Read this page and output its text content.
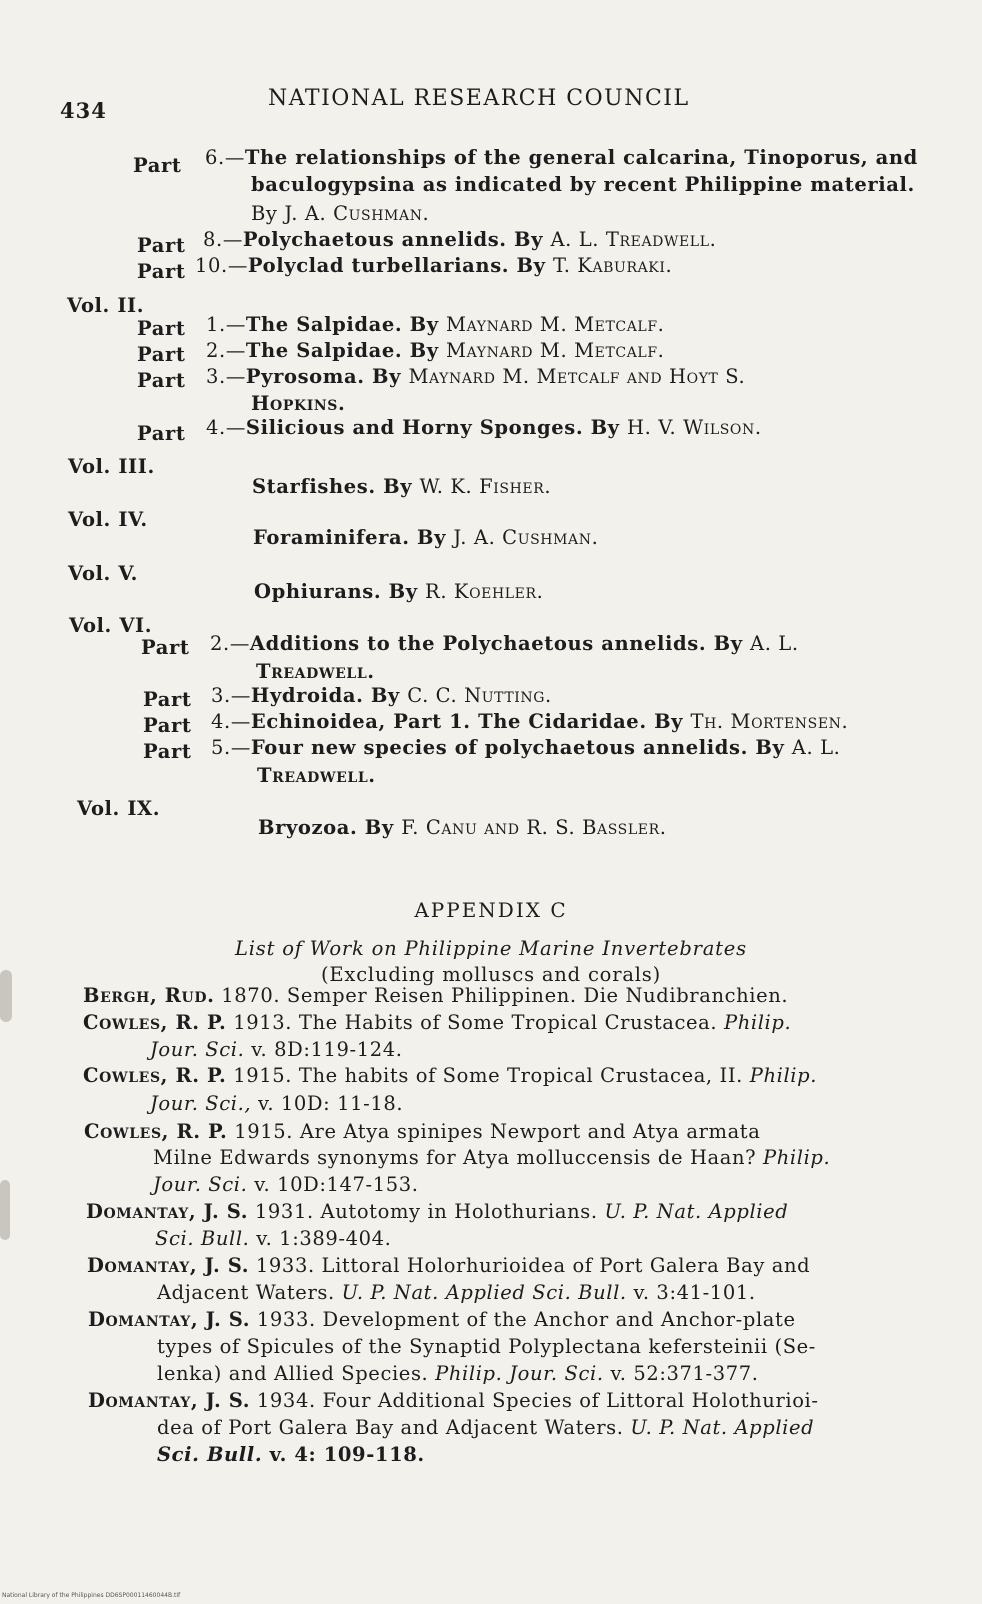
434	NATIONAL RESEARCH COUNCIL
Part 6.—The relationships of the general calcarina, Tinoporus, and
baculogypsina as indicated by recent Philippine material.
By J. A. Cushman.
Part 8.—Polychaetous annelids. By A. L. Treadwell.
Part 10.—Polyclad turbellarians. By T. Kaburaki.
Vol. II.
Part 1.—The Salpidae. By Maynard M. Metcalf.
Part 2.—The Salpidae. By Maynard M. Metcalf.
Part 3.—Pyrosoma. By Maynard M. Metcalf and Hoyt S.
Hopkins.
Part 4.—Silicious and Horny Sponges. By H. V. Wilson.
Vol. III.
Starfishes. By W. K. Fisher.
Vol. IV.
Foraminifera. By J. A. Cushman.
Vol. V.
Ophiurans. By R. Koehler.
Vol. VI.
Part 2.—Additions to the Polychaetous annelids. By A. L.
Treadwell.
Part 3.—Hydroida. By C. C. Nutting.
Part 4.—Echinoidea, Part 1. The Cidaridae. By Th. Mortensen.
Part 5.—Four new species of polychaetous annelids. By A. L.
Treadwell.
Vol. IX.
Bryozoa. By F. Canu and R. S. Bassler.
APPENDIX C
List of Work on Philippine Marine Invertebrates
(Excluding molluscs and corals)
Bergh, Rud. 1870. Semper Reisen Philippinen. Die Nudibranchien.
Cowles, R. P. 1913. The Habits of Some Tropical Crustacea. Philip.
Jour. Sci. v. 8D:119-124.
Cowles, R. P. 1915. The habits of Some Tropical Crustacea, II. Philip.
Jour. Sci., v. 10D: 11-18.
Cowles, R. P. 1915. Are Atya spinipes Newport and Atya armata
Milne Edwards synonyms for Atya molluccensis de Haan? Philip.
Jour. Sci. v. 10D:147-153.
Domantay, J. S. 1931. Autotomy in Holothurians. U. P. Nat. Applied
Sci. Bull. v. 1:389-404.
Domantay, J. S. 1933. Littoral Holorhurioidea of Port Galera Bay and
Adjacent Waters. U. P. Nat. Applied Sci. Bull. v. 3:41-101.
Domantay, J. S. 1933. Development of the Anchor and Anchor-plate
types of Spicules of the Synaptid Polyplectana kefersteinii (Se-
lenka) and Allied Species. Philip. Jour. Sci. v. 52:371-377.
Domantay, J. S. 1934. Four Additional Species of Littoral Holothurioi-
dea of Port Galera Bay and Adjacent Waters. U. P. Nat. Applied
Sci. Bull. v. 4: 109-118.
National Library of the Philippines DD6SP00011460044B.tif
